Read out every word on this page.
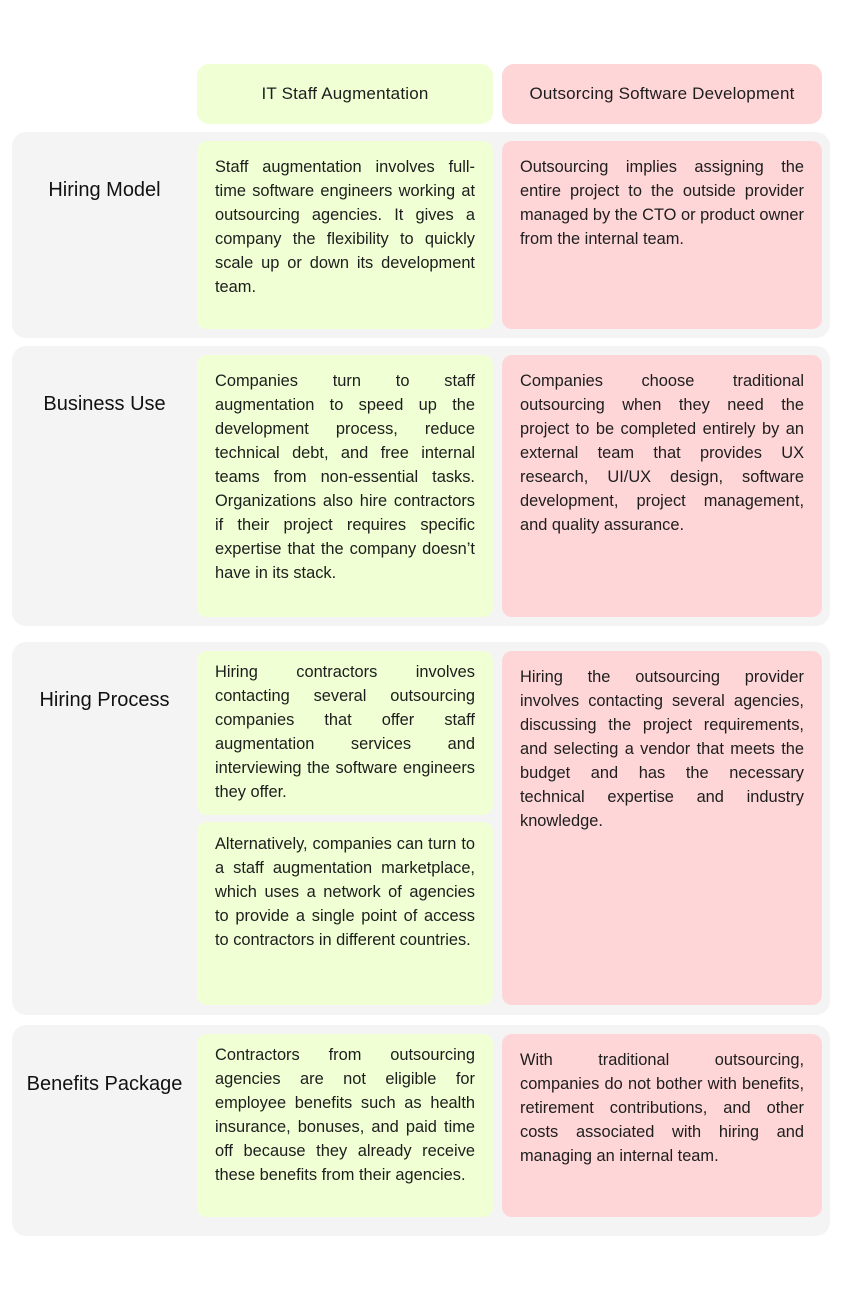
IT Staff Augmentation	Outsorcing Software Development
Hiring Model
Staff augmentation involves full-time software engineers working at outsourcing agencies. It gives a company the flexibility to quickly scale up or down its development team.
Outsourcing implies assigning the entire project to the outside provider managed by the CTO or product owner from the internal team.
Business Use
Companies turn to staff augmentation to speed up the development process, reduce technical debt, and free internal teams from non-essential tasks. Organizations also hire contractors if their project requires specific expertise that the company doesn’t have in its stack.
Companies choose traditional outsourcing when they need the project to be completed entirely by an external team that provides UX research, UI/UX design, software development, project management, and quality assurance.
Hiring Process
Hiring contractors involves contacting several outsourcing companies that offer staff augmentation services and interviewing the software engineers they offer.
Alternatively, companies can turn to a staff augmentation marketplace, which uses a network of agencies to provide a single point of access to contractors in different countries.
Hiring the outsourcing provider involves contacting several agencies, discussing the project requirements, and selecting a vendor that meets the budget and has the necessary technical expertise and industry knowledge.
Benefits Package
Contractors from outsourcing agencies are not eligible for employee benefits such as health insurance, bonuses, and paid time off because they already receive these benefits from their agencies.
With traditional outsourcing, companies do not bother with benefits, retirement contributions, and other costs associated with hiring and managing an internal team.
